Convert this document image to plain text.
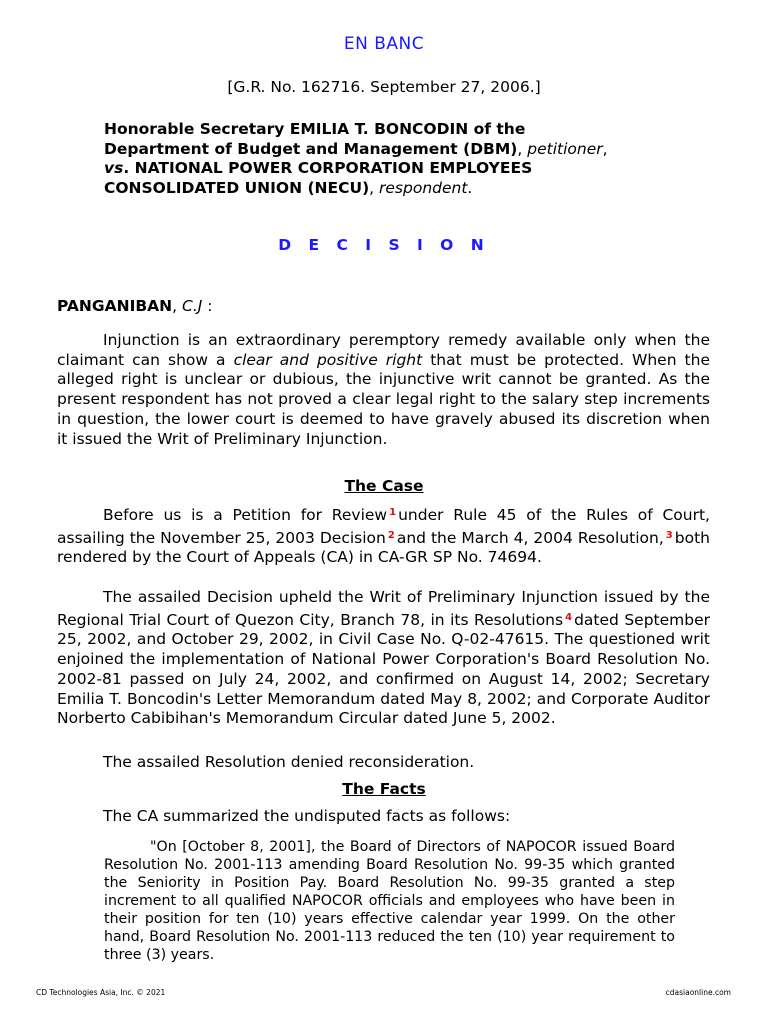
EN BANC
[G.R. No. 162716. September 27, 2006.]
Honorable Secretary EMILIA T. BONCODIN of the Department of Budget and Management (DBM), petitioner, vs. NATIONAL POWER CORPORATION EMPLOYEES CONSOLIDATED UNION (NECU), respondent.
D E C I S I O N
PANGANIBAN, C.J :

Injunction is an extraordinary peremptory remedy available only when the claimant can show a clear and positive right that must be protected. When the alleged right is unclear or dubious, the injunctive writ cannot be granted. As the present respondent has not proved a clear legal right to the salary step increments in question, the lower court is deemed to have gravely abused its discretion when it issued the Writ of Preliminary Injunction.

The Case

Before us is a Petition for Review $^1$ under Rule 45 of the Rules of Court, assailing the November 25, 2003 Decision $^2$ and the March 4, 2004 Resolution, $^3$ both rendered by the Court of Appeals (CA) in CA-GR SP No. 74694.

The assailed Decision upheld the Writ of Preliminary Injunction issued by the Regional Trial Court of Quezon City, Branch 78, in its Resolutions $^4$ dated September 25, 2002, and October 29, 2002, in Civil Case No. Q-02-47615. The questioned writ enjoined the implementation of National Power Corporation's Board Resolution No. 2002-81 passed on July 24, 2002, and confirmed on August 14, 2002; Secretary Emilia T. Boncodin's Letter Memorandum dated May 8, 2002; and Corporate Auditor Norberto Cabibihan's Memorandum Circular dated June 5, 2002.

The assailed Resolution denied reconsideration.

The Facts

The CA summarized the undisputed facts as follows:

"On [October 8, 2001], the Board of Directors of NAPOCOR issued Board Resolution No. 2001-113 amending Board Resolution No. 99-35 which granted the Seniority in Position Pay. Board Resolution No. 99-35 granted a step increment to all qualified NAPOCOR officials and employees who have been in their position for ten (10) years effective calendar year 1999. On the other hand, Board Resolution No. 2001-113 reduced the ten (10) year requirement to three (3) years.

CD Technologies Asia, Inc. © 2021	cdasiaonline.com
